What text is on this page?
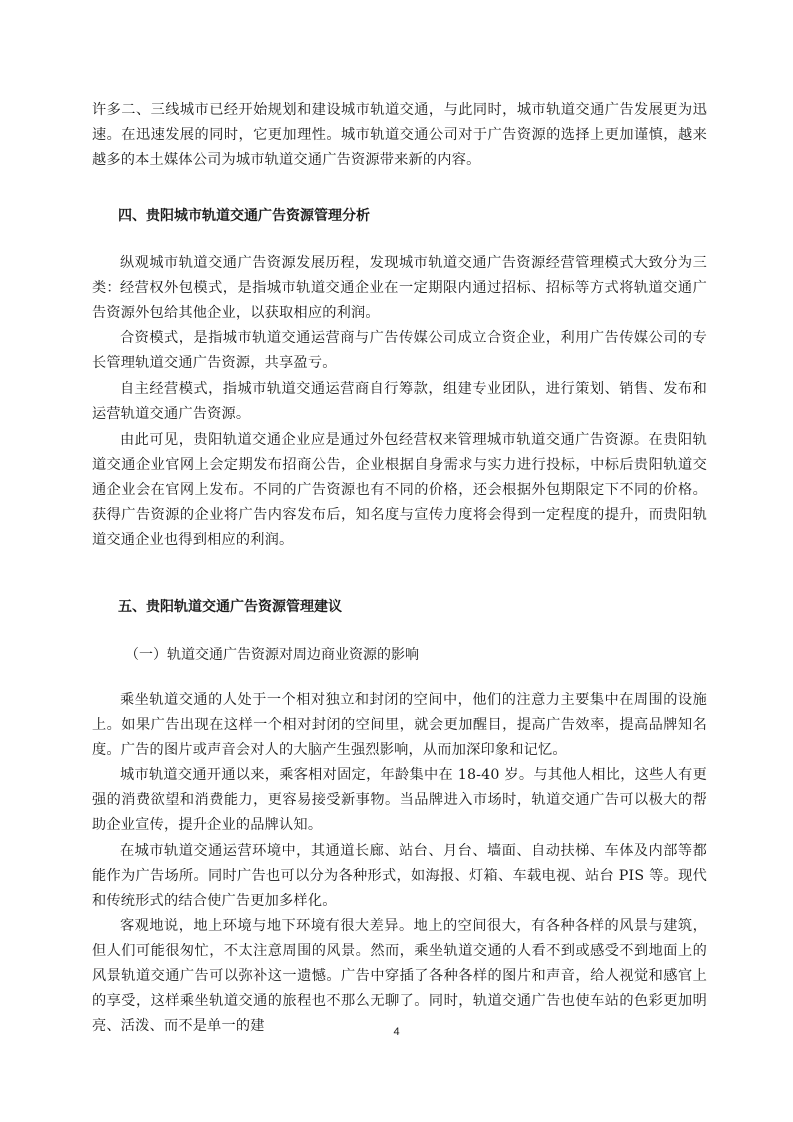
许多二、三线城市已经开始规划和建设城市轨道交通，与此同时，城市轨道交通广告发展更为迅速。在迅速发展的同时，它更加理性。城市轨道交通公司对于广告资源的选择上更加谨慎，越来越多的本土媒体公司为城市轨道交通广告资源带来新的内容。

四、贵阳城市轨道交通广告资源管理分析

纵观城市轨道交通广告资源发展历程，发现城市轨道交通广告资源经营管理模式大致分为三类： 经营权外包模式，是指城市轨道交通企业在一定期限内通过招标、招标等方式将轨道交通广告资源外包给其他企业，以获取相应的利润。

合资模式，是指城市轨道交通运营商与广告传媒公司成立合资企业，利用广告传媒公司的专长管理轨道交通广告资源，共享盈亏。

自主经营模式，指城市轨道交通运营商自行筹款，组建专业团队，进行策划、销售、发布和运营轨道交通广告资源。

由此可见，贵阳轨道交通企业应是通过外包经营权来管理城市轨道交通广告资源。在贵阳轨道交通企业官网上会定期发布招商公告，企业根据自身需求与实力进行投标，中标后贵阳轨道交通企业会在官网上发布。不同的广告资源也有不同的价格，还会根据外包期限定下不同的价格。获得广告资源的企业将广告内容发布后，知名度与宣传力度将会得到一定程度的提升，而贵阳轨道交通企业也得到相应的利润。

五、贵阳轨道交通广告资源管理建议

（一）轨道交通广告资源对周边商业资源的影响

乘坐轨道交通的人处于一个相对独立和封闭的空间中，他们的注意力主要集中在周围的设施上。如果广告出现在这样一个相对封闭的空间里，就会更加醒目，提高广告效率，提高品牌知名度。广告的图片或声音会对人的大脑产生强烈影响，从而加深印象和记忆。

城市轨道交通开通以来，乘客相对固定，年龄集中在 18-40 岁。与其他人相比，这些人有更强的消费欲望和消费能力，更容易接受新事物。当品牌进入市场时，轨道交通广告可以极大的帮助企业宣传，提升企业的品牌认知。

在城市轨道交通运营环境中，其通道长廊、站台、月台、墙面、自动扶梯、车体及内部等都能作为广告场所。同时广告也可以分为各种形式，如海报、灯箱、车载电视、站台 PIS 等。现代和传统形式的结合使广告更加多样化。

客观地说，地上环境与地下环境有很大差异。地上的空间很大，有各种各样的风景与建筑，但人们可能很匆忙，不太注意周围的风景。然而，乘坐轨道交通的人看不到或感受不到地面上的风景轨道交通广告可以弥补这一遗憾。广告中穿插了各种各样的图片和声音，给人视觉和感官上的享受，这样乘坐轨道交通的旅程也不那么无聊了。同时，轨道交通广告也使车站的色彩更加明亮、活泼、而不是单一的建	4
